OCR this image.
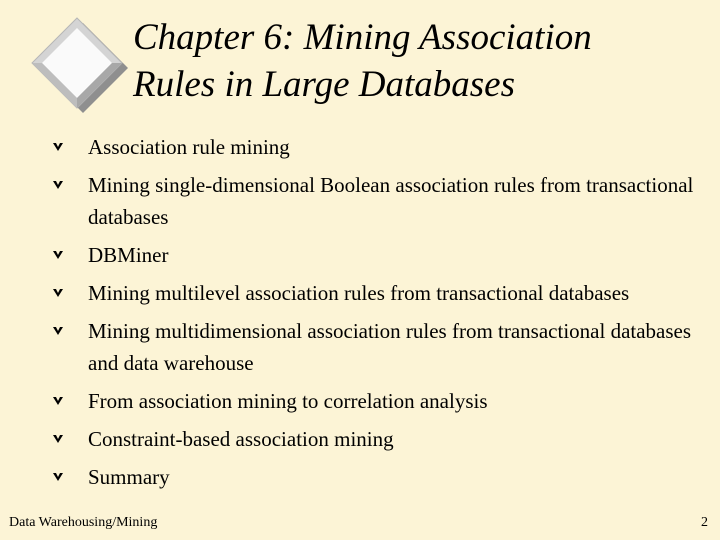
Chapter 6: Mining Association
Rules in Large Databases
Association rule mining
Mining single-dimensional Boolean association rules from transactional databases
DBMiner
Mining multilevel association rules from transactional databases
Mining multidimensional association rules from transactional databases and data warehouse
From association mining to correlation analysis
Constraint-based association mining
Summary
Data Warehousing/Mining	2
